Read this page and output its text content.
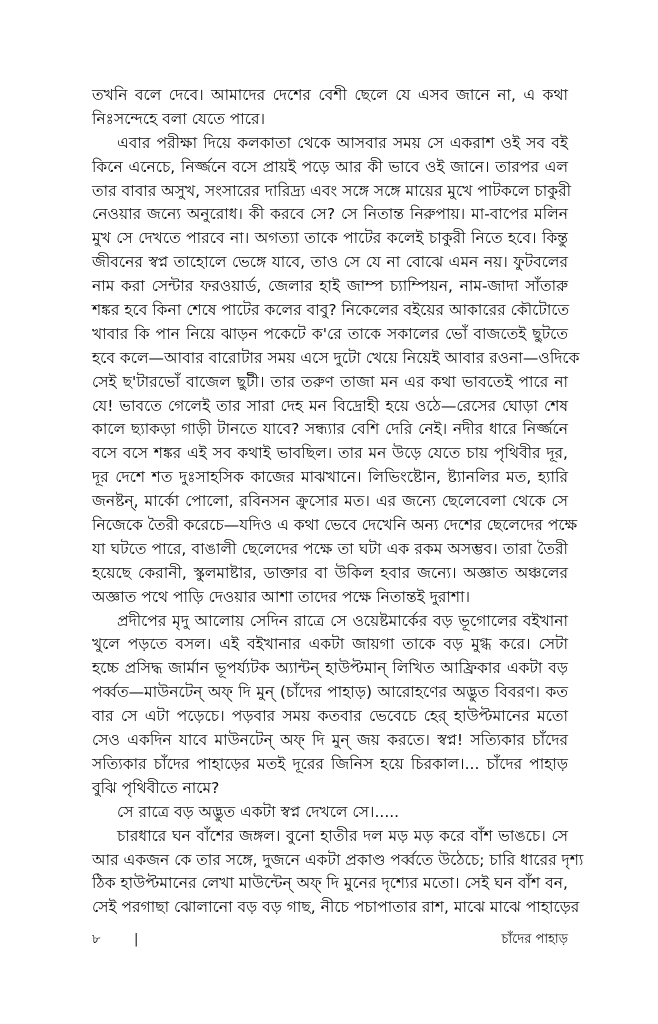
তখনি বলে দেবে। আমাদের দেশের বেশী ছেলে যে এসব জানে না, এ কথা
নিঃসন্দেহে বলা যেতে পারে।
এবার পরীক্ষা দিয়ে কলকাতা থেকে আসবার সময় সে একরাশ ওই সব বই
কিনে এনেচে, নির্জ্জনে বসে প্রায়ই পড়ে আর কী ভাবে ওই জানে। তারপর এল
তার বাবার অসুখ, সংসারের দারিদ্র্য এবং সঙ্গে সঙ্গে মায়ের মুখে পাটকলে চাকুরী
নেওয়ার জন্যে অনুরোধ। কী করবে সে? সে নিতান্ত নিরুপায়। মা-বাপের মলিন
মুখ সে দেখতে পারবে না। অগত্যা তাকে পাটের কলেই চাকুরী নিতে হবে। কিন্তু
জীবনের স্বপ্ন তাহোলে ভেঙ্গে যাবে, তাও সে যে না বোঝে এমন নয়। ফুটবলের
নাম করা সেন্টার ফরওয়ার্ড, জেলার হাই জাম্প চ্যাম্পিয়ন, নাম-জাদা সাঁতারু
শঙ্কর হবে কিনা শেষে পাটের কলের বাবু? নিকেলের বইয়ের আকারের কৌটোতে
খাবার কি পান নিয়ে ঝাড়ন পকেটে ক'রে তাকে সকালের ভোঁ বাজতেই ছুটতে
হবে কলে—আবার বারোটার সময় এসে দুটো খেয়ে নিয়েই আবার রওনা—ওদিকে
সেই ছ'টারভোঁ বাজেল ছুটী। তার তরুণ তাজা মন এর কথা ভাবতেই পারে না
যে! ভাবতে গেলেই তার সারা দেহ মন বিদ্রোহী হয়ে ওঠে—রেসের ঘোড়া শেষ
কালে ছ্যাকড়া গাড়ী টানতে যাবে? সন্ধ্যার বেশি দেরি নেই। নদীর ধারে নির্জ্জনে
বসে বসে শঙ্কর এই সব কথাই ভাবছিল। তার মন উড়ে যেতে চায় পৃথিবীর দূর,
দূর দেশে শত দুঃসাহসিক কাজের মাঝখানে। লিভিংষ্টোন, ষ্ট্যানলির মত, হ্যারি
জনষ্টন্, মার্কো পোলো, রবিনসন ক্রুসোর মত। এর জন্যে ছেলেবেলা থেকে সে
নিজেকে তৈরী করেচে—যদিও এ কথা ভেবে দেখেনি অন্য দেশের ছেলেদের পক্ষে
যা ঘটতে পারে, বাঙালী ছেলেদের পক্ষে তা ঘটা এক রকম অসম্ভব। তারা তৈরী
হয়েছে কেরানী, স্কুলমাষ্টার, ডাক্তার বা উকিল হবার জন্যে। অজ্ঞাত অঞ্চলের
অজ্ঞাত পথে পাড়ি দেওয়ার আশা তাদের পক্ষে নিতান্তই দুরাশা।
প্রদীপের মৃদু আলোয় সেদিন রাত্রে সে ওয়েষ্টমার্কের বড় ভূগোলের বইখানা
খুলে পড়তে বসল। এই বইখানার একটা জায়গা তাকে বড় মুগ্ধ করে। সেটা
হচ্চে প্রসিদ্ধ জার্মান ভূপর্য্যটক অ্যান্টন্ হাউপ্টমান্ লিখিত আফ্রিকার একটা বড়
পর্ব্বত—মাউনটেন্ অফ্ দি মুন্ (চাঁদের পাহাড়) আরোহণের অদ্ভুত বিবরণ। কত
বার সে এটা পড়েচে। পড়বার সময় কতবার ভেবেচে হের্ হাউপ্টমানের মতো
সেও একদিন যাবে মাউনটেন্ অফ্ দি মুন্ জয় করতে। স্বপ্ন! সত্যিকার চাঁদের
সত্যিকার চাঁদের পাহাড়ের মতই দূরের জিনিস হয়ে চিরকাল।... চাঁদের পাহাড়
বুঝি পৃথিবীতে নামে?
সে রাত্রে বড় অদ্ভুত একটা স্বপ্ন দেখলে সে।.....
চারধারে ঘন বাঁশের জঙ্গল। বুনো হাতীর দল মড় মড় করে বাঁশ ভাঙচে। সে
আর একজন কে তার সঙ্গে, দুজনে একটা প্রকাণ্ড পর্ব্বতে উঠেচে; চারি ধারের দৃশ্য
ঠিক হাউপ্টমানের লেখা মাউন্টেন্ অফ্ দি মুনের দৃশ্যের মতো। সেই ঘন বাঁশ বন,
সেই পরগাছা ঝোলানো বড় বড় গাছ, নীচে পচাপাতার রাশ, মাঝে মাঝে পাহাড়ের
৮	|	চাঁদের পাহাড়
